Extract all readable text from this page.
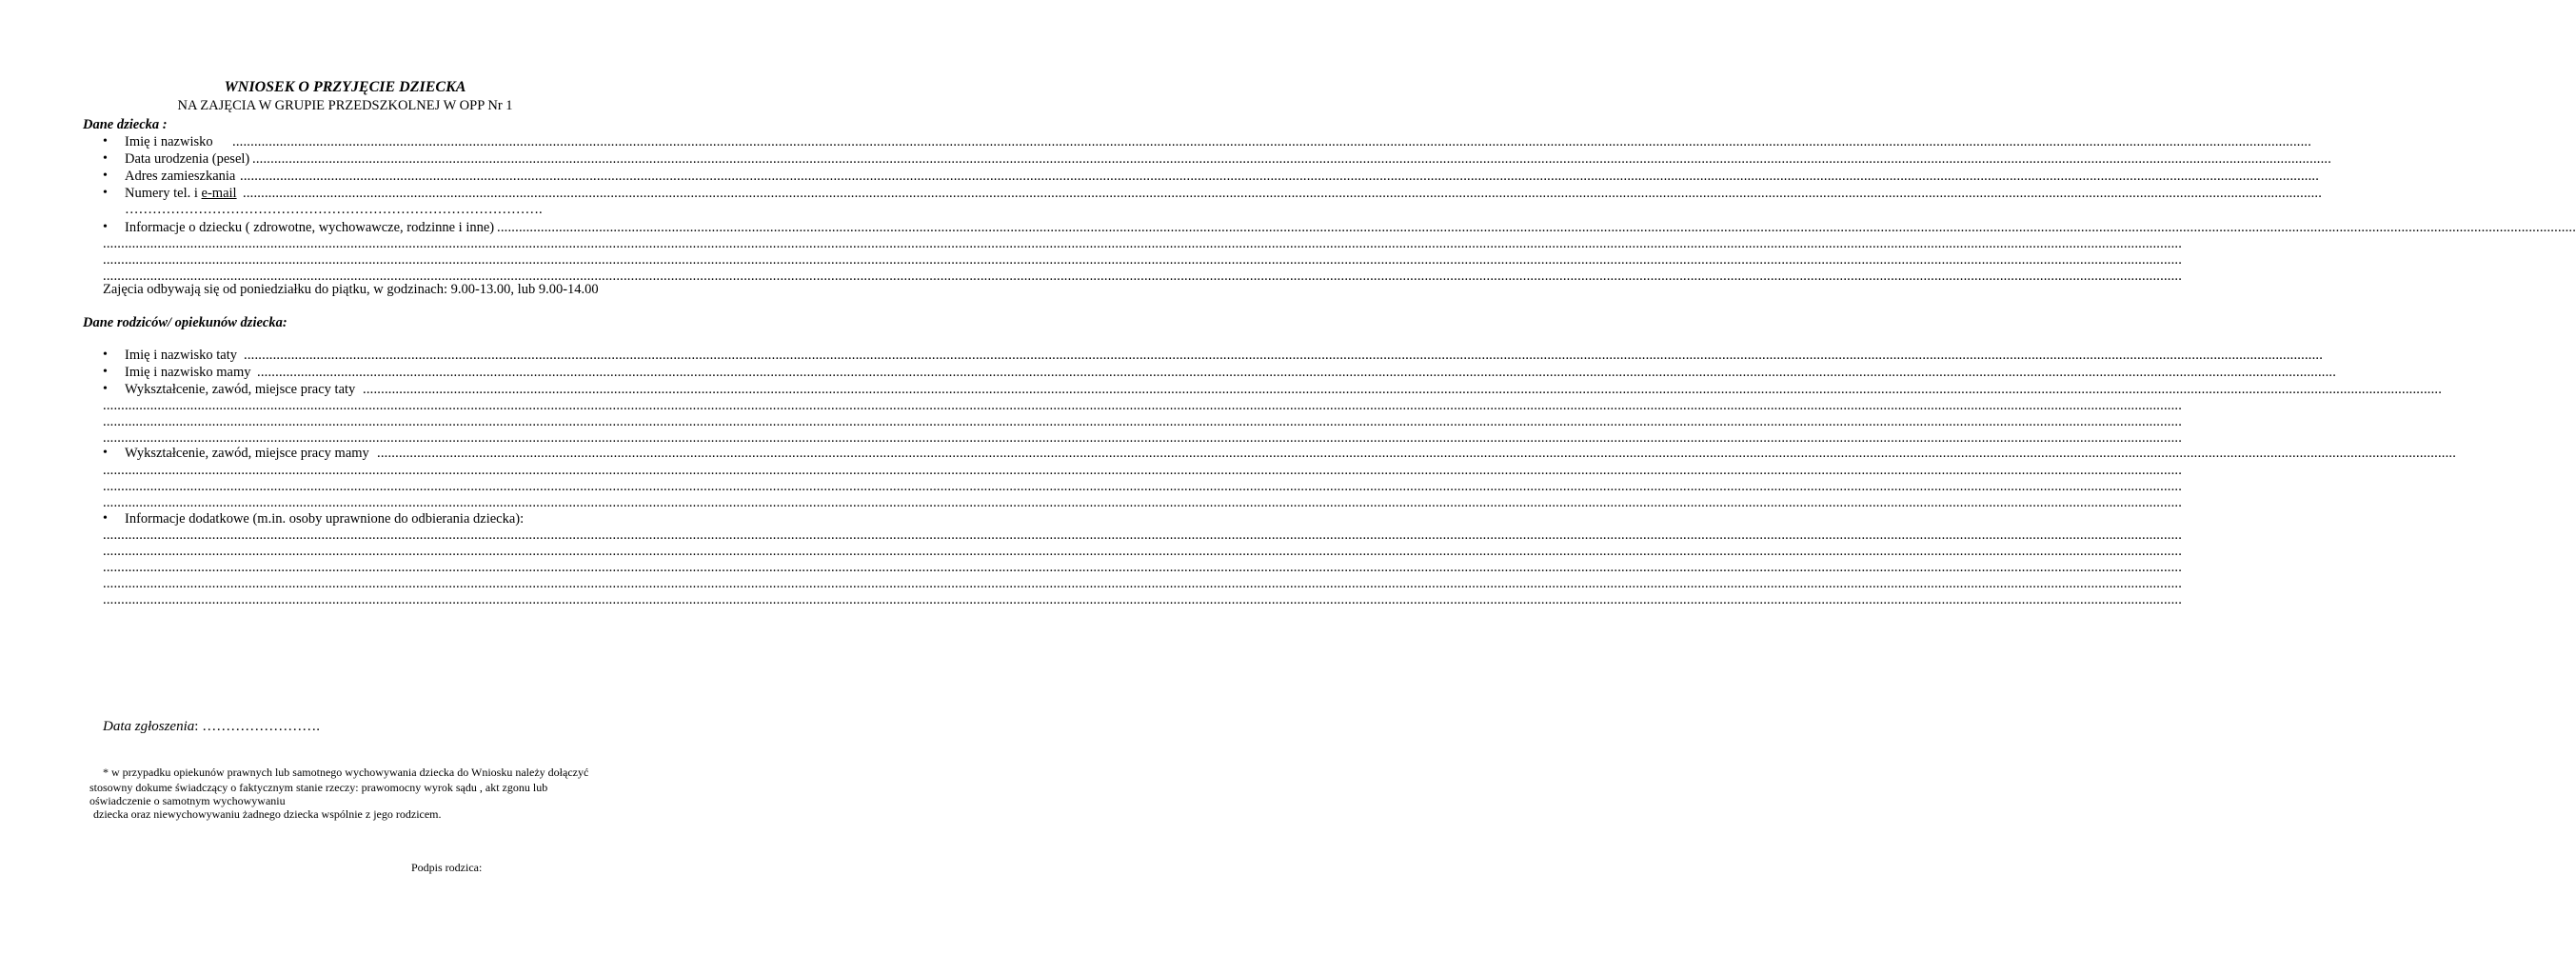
WNIOSEK O PRZYJĘCIE DZIECKA
NA ZAJĘCIA W GRUPIE PRZEDSZKOLNEJ W OPP Nr 1
Dane dziecka :
• Imię i nazwisko ...........................................................................................................................................................................................................................................................................................................................................................................................................................................................................................................................................................................................
• Data urodzenia (pesel) ...........................................................................................................................................................................................................................................................................................................................................................................................................................................................................................................................................................................................
• Adres zamieszkania ...........................................................................................................................................................................................................................................................................................................................................................................................................................................................................................................................................................................................
• Numery tel. i e-mail ...........................................................................................................................................................................................................................................................................................................................................................................................................................................................................................................................................................................................
……………………………………………………………………………….
• Informacje o dziecku ( zdrowotne, wychowawcze, rodzinne i inne) ...........................................................................................................................................................................................................................................................................................................................................................................................................................................................................................................................................................................................
...........................................................................................................................................................................................................................................................................................................................................................................................................................................................................................................................................................................................
...........................................................................................................................................................................................................................................................................................................................................................................................................................................................................................................................................................................................
...........................................................................................................................................................................................................................................................................................................................................................................................................................................................................................................................................................................................
Zajęcia odbywają się od poniedziałku do piątku, w godzinach: 9.00-13.00, lub 9.00-14.00
Dane rodziców/ opiekunów dziecka:
• Imię i nazwisko taty ...........................................................................................................................................................................................................................................................................................................................................................................................................................................................................................................................................................................................
• Imię i nazwisko mamy ...........................................................................................................................................................................................................................................................................................................................................................................................................................................................................................................................................................................................
• Wykształcenie, zawód, miejsce pracy taty ...........................................................................................................................................................................................................................................................................................................................................................................................................................................................................................................................................................................................
...........................................................................................................................................................................................................................................................................................................................................................................................................................................................................................................................................................................................
...........................................................................................................................................................................................................................................................................................................................................................................................................................................................................................................................................................................................
...........................................................................................................................................................................................................................................................................................................................................................................................................................................................................................................................................................................................
• Wykształcenie, zawód, miejsce pracy mamy ...........................................................................................................................................................................................................................................................................................................................................................................................................................................................................................................................................................................................
...........................................................................................................................................................................................................................................................................................................................................................................................................................................................................................................................................................................................
...........................................................................................................................................................................................................................................................................................................................................................................................................................................................................................................................................................................................
...........................................................................................................................................................................................................................................................................................................................................................................................................................................................................................................................................................................................
• Informacje dodatkowe (m.in. osoby uprawnione do odbierania dziecka):
...........................................................................................................................................................................................................................................................................................................................................................................................................................................................................................................................................................................................
...........................................................................................................................................................................................................................................................................................................................................................................................................................................................................................................................................................................................
...........................................................................................................................................................................................................................................................................................................................................................................................................................................................................................................................................................................................
...........................................................................................................................................................................................................................................................................................................................................................................................................................................................................................................................................................................................
...........................................................................................................................................................................................................................................................................................................................................................................................................................................................................................................................................................................................
Data zgłoszenia: …………………….
* w przypadku opiekunów prawnych lub samotnego wychowywania dziecka do Wniosku należy dołączyć
stosowny dokume świadczący o faktycznym stanie rzeczy: prawomocny wyrok sądu , akt zgonu lub
oświadczenie o samotnym wychowywaniu
dziecka oraz niewychowywaniu żadnego dziecka wspólnie z jego rodzicem.
Podpis rodzica:
